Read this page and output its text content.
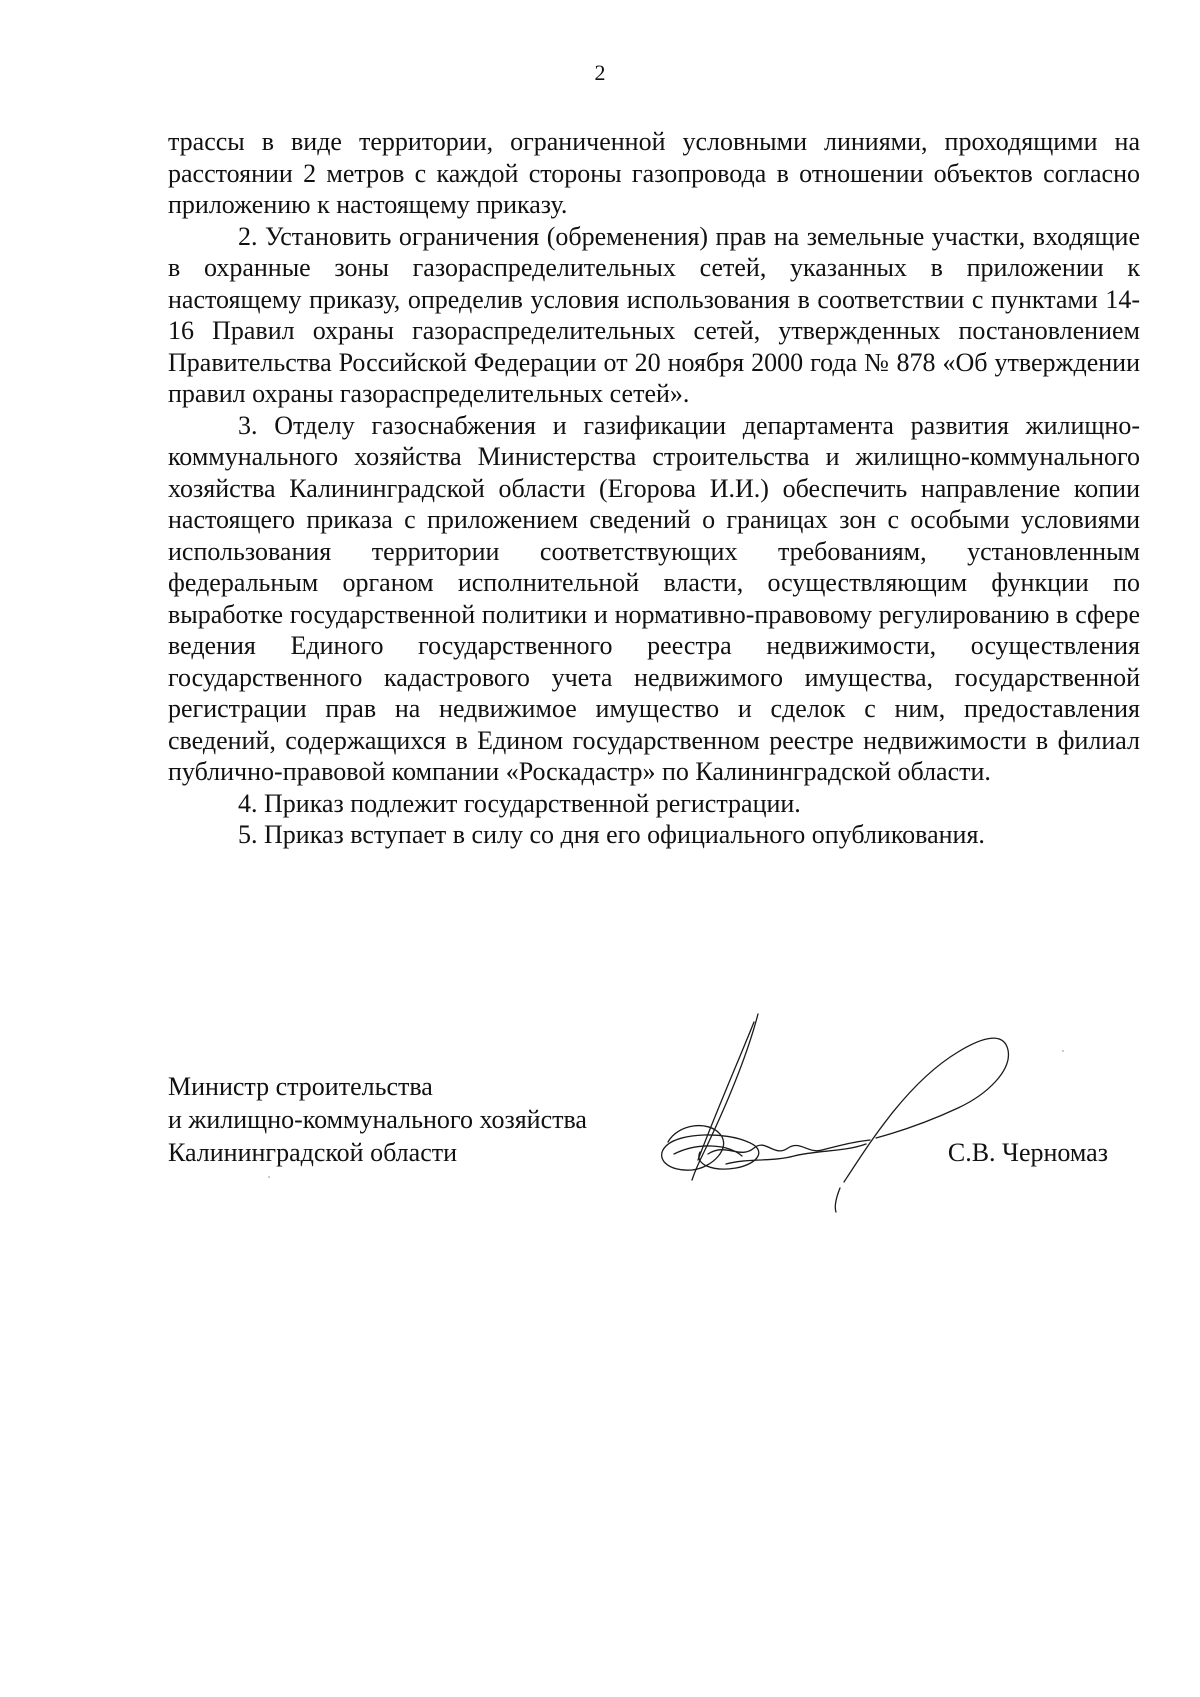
2

трассы в виде территории, ограниченной условными линиями, проходящими на расстоянии 2 метров с каждой стороны газопровода в отношении объектов согласно приложению к настоящему приказу.

2. Установить ограничения (обременения) прав на земельные участки, входящие в охранные зоны газораспределительных сетей, указанных в приложении к настоящему приказу, определив условия использования в соответствии с пунктами 14-16 Правил охраны газораспределительных сетей, утвержденных постановлением Правительства Российской Федерации от 20 ноября 2000 года № 878 «Об утверждении правил охраны газораспределительных сетей».

3. Отделу газоснабжения и газификации департамента развития жилищно-коммунального хозяйства Министерства строительства и жилищно-коммунального хозяйства Калининградской области (Егорова И.И.) обеспечить направление копии настоящего приказа с приложением сведений о границах зон с особыми условиями использования территории соответствующих требованиям, установленным федеральным органом исполнительной власти, осуществляющим функции по выработке государственной политики и нормативно-правовому регулированию в сфере ведения Единого государственного реестра недвижимости, осуществления государственного кадастрового учета недвижимого имущества, государственной регистрации прав на недвижимое имущество и сделок с ним, предоставления сведений, содержащихся в Едином государственном реестре недвижимости в филиал публично-правовой компании «Роскадастр» по Калининградской области.

4. Приказ подлежит государственной регистрации.

5. Приказ вступает в силу со дня его официального опубликования.

Министр строительства
и жилищно-коммунального хозяйства
Калининградской области	С.В. Черномаз
